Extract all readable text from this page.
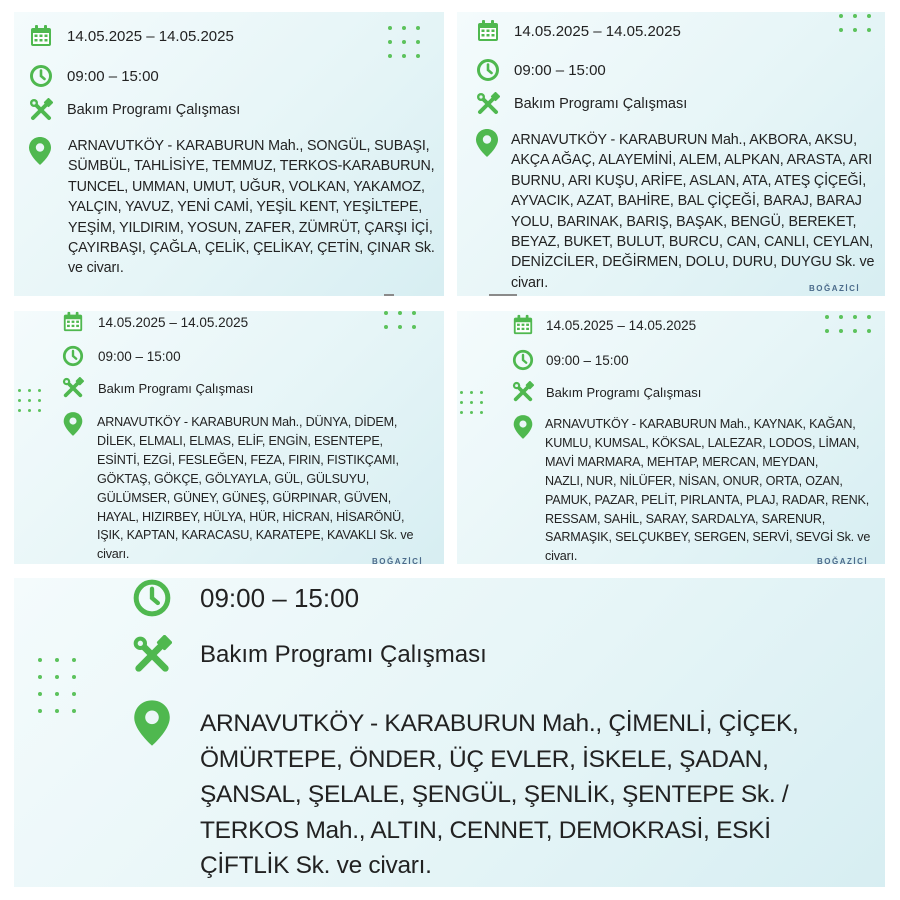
14.05.2025 – 14.05.2025
09:00 – 15:00
Bakım Programı Çalışması
ARNAVUTKÖY - KARABURUN Mah., SONGÜL, SUBAŞI,
SÜMBÜL, TAHLİSİYE, TEMMUZ, TERKOS-KARABURUN,
TUNCEL, UMMAN, UMUT, UĞUR, VOLKAN, YAKAMOZ,
YALÇIN, YAVUZ, YENİ CAMİ, YEŞİL KENT, YEŞİLTEPE,
YEŞİM, YILDIRIM, YOSUN, ZAFER, ZÜMRÜT, ÇARŞI İÇİ,
ÇAYIRBAŞI, ÇAĞLA, ÇELİK, ÇELİKAY, ÇETİN, ÇINAR Sk.
ve civarı.
14.05.2025 – 14.05.2025
09:00 – 15:00
Bakım Programı Çalışması
ARNAVUTKÖY - KARABURUN Mah., AKBORA, AKSU,
AKÇA AĞAÇ, ALAYEMİNİ, ALEM, ALPKAN, ARASTA, ARI
BURNU, ARI KUŞU, ARİFE, ASLAN, ATA, ATEŞ ÇİÇEĞİ,
AYVACIK, AZAT, BAHİRE, BAL ÇİÇEĞİ, BARAJ, BARAJ
YOLU, BARINAK, BARIŞ, BAŞAK, BENGÜ, BEREKET,
BEYAZ, BUKET, BULUT, BURCU, CAN, CANLI, CEYLAN,
DENİZCİLER, DEĞİRMEN, DOLU, DURU, DUYGU Sk. ve
civarı.	BOĞAZİCİ
14.05.2025 – 14.05.2025
09:00 – 15:00
Bakım Programı Çalışması
ARNAVUTKÖY - KARABURUN Mah., DÜNYA, DİDEM,
DİLEK, ELMALI, ELMAS, ELİF, ENGİN, ESENTEPE,
ESİNTİ, EZGİ, FESLEĞEN, FEZA, FIRIN, FISTIKÇAMI,
GÖKTAŞ, GÖKÇE, GÖLYAYLA, GÜL, GÜLSUYU,
GÜLÜMSER, GÜNEY, GÜNEŞ, GÜRPINAR, GÜVEN,
HAYAL, HIZIRBEY, HÜLYA, HÜR, HİCRAN, HİSARÖNÜ,
IŞIK, KAPTAN, KARACASU, KARATEPE, KAVAKLI Sk. ve
civarı.
BOĞAZİCİ
14.05.2025 – 14.05.2025
09:00 – 15:00
Bakım Programı Çalışması
ARNAVUTKÖY - KARABURUN Mah., KAYNAK, KAĞAN,
KUMLU, KUMSAL, KÖKSAL, LALEZAR, LODOS, LİMAN,
MAVİ MARMARA, MEHTAP, MERCAN, MEYDAN,
NAZLI, NUR, NİLÜFER, NİSAN, ONUR, ORTA, OZAN,
PAMUK, PAZAR, PELİT, PIRLANTA, PLAJ, RADAR, RENK,
RESSAM, SAHİL, SARAY, SARDALYA, SARENUR,
SARMAŞIK, SELÇUKBEY, SERGEN, SERVİ, SEVGİ Sk. ve
civarı.	BOĞAZİCİ
09:00 – 15:00
Bakım Programı Çalışması
ARNAVUTKÖY - KARABURUN Mah., ÇİMENLİ, ÇİÇEK,
ÖMÜRTEPE, ÖNDER, ÜÇ EVLER, İSKELE, ŞADAN,
ŞANSAL, ŞELALE, ŞENGÜL, ŞENLİK, ŞENTEPE Sk. /
TERKOS Mah., ALTIN, CENNET, DEMOKRASİ, ESKİ
ÇİFTLİK Sk. ve civarı.
